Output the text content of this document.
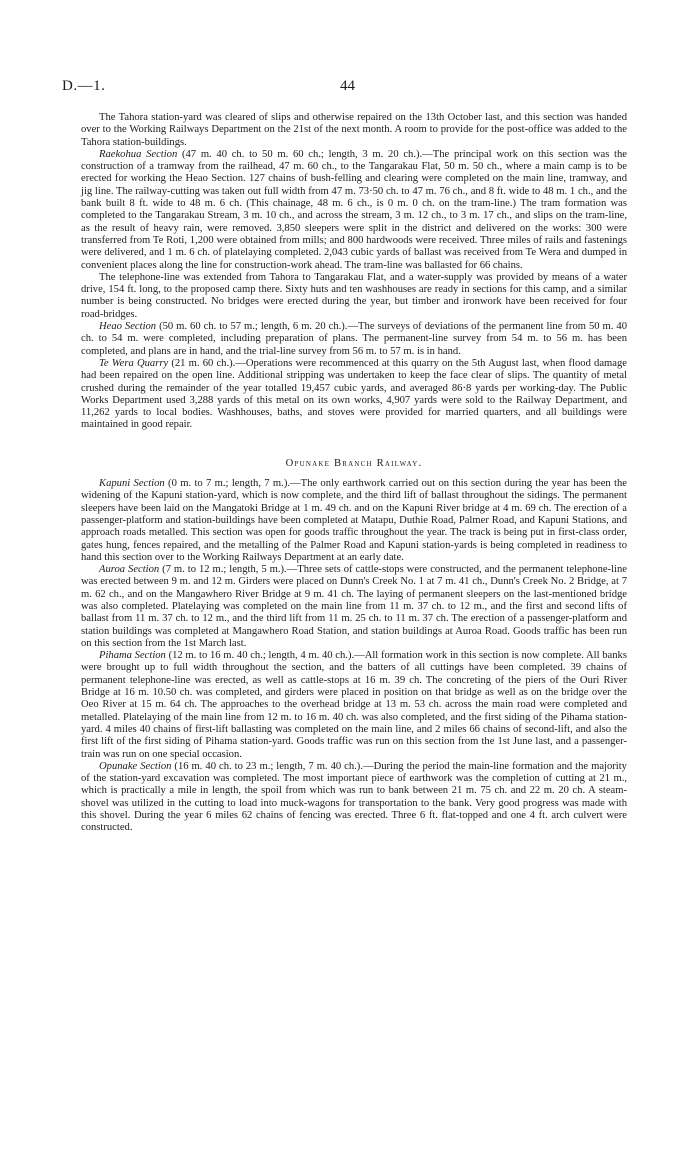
D.—1.	44

The Tahora station-yard was cleared of slips and otherwise repaired on the 13th October last, and this section was handed over to the Working Railways Department on the 21st of the next month. A room to provide for the post-office was added to the Tahora station-buildings.

Raekohua Section (47 m. 40 ch. to 50 m. 60 ch.; length, 3 m. 20 ch.).—The principal work on this section was the construction of a tramway from the railhead, 47 m. 60 ch., to the Tangarakau Flat, 50 m. 50 ch., where a main camp is to be erected for working the Heao Section. 127 chains of bush-felling and clearing were completed on the main line, tramway, and jig line. The railway-cutting was taken out full width from 47 m. 73·50 ch. to 47 m. 76 ch., and 8 ft. wide to 48 m. 1 ch., and the bank built 8 ft. wide to 48 m. 6 ch. (This chainage, 48 m. 6 ch., is 0 m. 0 ch. on the tram-line.) The tram formation was completed to the Tangarakau Stream, 3 m. 10 ch., and across the stream, 3 m. 12 ch., to 3 m. 17 ch., and slips on the tram-line, as the result of heavy rain, were removed. 3,850 sleepers were split in the district and delivered on the works: 300 were transferred from Te Roti, 1,200 were obtained from mills; and 800 hardwoods were received. Three miles of rails and fastenings were delivered, and 1 m. 6 ch. of platelaying completed. 2,043 cubic yards of ballast was received from Te Wera and dumped in convenient places along the line for construction-work ahead. The tram-line was ballasted for 66 chains.

The telephone-line was extended from Tahora to Tangarakau Flat, and a water-supply was provided by means of a water drive, 154 ft. long, to the proposed camp there. Sixty huts and ten washhouses are ready in sections for this camp, and a similar number is being constructed. No bridges were erected during the year, but timber and ironwork have been received for four road-bridges.

Heao Section (50 m. 60 ch. to 57 m.; length, 6 m. 20 ch.).—The surveys of deviations of the permanent line from 50 m. 40 ch. to 54 m. were completed, including preparation of plans. The permanent-line survey from 54 m. to 56 m. has been completed, and plans are in hand, and the trial-line survey from 56 m. to 57 m. is in hand.

Te Wera Quarry (21 m. 60 ch.).—Operations were recommenced at this quarry on the 5th August last, when flood damage had been repaired on the open line. Additional stripping was undertaken to keep the face clear of slips. The quantity of metal crushed during the remainder of the year totalled 19,457 cubic yards, and averaged 86·8 yards per working-day. The Public Works Department used 3,288 yards of this metal on its own works, 4,907 yards were sold to the Railway Department, and 11,262 yards to local bodies. Washhouses, baths, and stoves were provided for married quarters, and all buildings were maintained in good repair.

Opunake Branch Railway.

Kapuni Section (0 m. to 7 m.; length, 7 m.).—The only earthwork carried out on this section during the year has been the widening of the Kapuni station-yard, which is now complete, and the third lift of ballast throughout the sidings. The permanent sleepers have been laid on the Mangatoki Bridge at 1 m. 49 ch. and on the Kapuni River bridge at 4 m. 69 ch. The erection of a passenger-platform and station-buildings have been completed at Matapu, Duthie Road, Palmer Road, and Kapuni Stations, and approach roads metalled. This section was open for goods traffic throughout the year. The track is being put in first-class order, gates hung, fences repaired, and the metalling of the Palmer Road and Kapuni station-yards is being completed in readiness to hand this section over to the Working Railways Department at an early date.

Auroa Section (7 m. to 12 m.; length, 5 m.).—Three sets of cattle-stops were constructed, and the permanent telephone-line was erected between 9 m. and 12 m. Girders were placed on Dunn's Creek No. 1 at 7 m. 41 ch., Dunn's Creek No. 2 Bridge, at 7 m. 62 ch., and on the Mangawhero River Bridge at 9 m. 41 ch. The laying of permanent sleepers on the last-mentioned bridge was also completed. Platelaying was completed on the main line from 11 m. 37 ch. to 12 m., and the first and second lifts of ballast from 11 m. 37 ch. to 12 m., and the third lift from 11 m. 25 ch. to 11 m. 37 ch. The erection of a passenger-platform and station buildings was completed at Mangawhero Road Station, and station buildings at Auroa Road. Goods traffic has been run on this section from the 1st March last.

Pihama Section (12 m. to 16 m. 40 ch.; length, 4 m. 40 ch.).—All formation work in this section is now complete. All banks were brought up to full width throughout the section, and the batters of all cuttings have been completed. 39 chains of permanent telephone-line was erected, as well as cattle-stops at 16 m. 39 ch. The concreting of the piers of the Ouri River Bridge at 16 m. 10.50 ch. was completed, and girders were placed in position on that bridge as well as on the bridge over the Oeo River at 15 m. 64 ch. The approaches to the overhead bridge at 13 m. 53 ch. across the main road were completed and metalled. Platelaying of the main line from 12 m. to 16 m. 40 ch. was also completed, and the first siding of the Pihama station-yard. 4 miles 40 chains of first-lift ballasting was completed on the main line, and 2 miles 66 chains of second-lift, and also the first lift of the first siding of Pihama station-yard. Goods traffic was run on this section from the 1st June last, and a passenger-train was run on one special occasion.

Opunake Section (16 m. 40 ch. to 23 m.; length, 7 m. 40 ch.).—During the period the main-line formation and the majority of the station-yard excavation was completed. The most important piece of earthwork was the completion of cutting at 21 m., which is practically a mile in length, the spoil from which was run to bank between 21 m. 75 ch. and 22 m. 20 ch. A steam-shovel was utilized in the cutting to load into muck-wagons for transportation to the bank. Very good progress was made with this shovel. During the year 6 miles 62 chains of fencing was erected. Three 6 ft. flat-topped and one 4 ft. arch culvert were constructed.
